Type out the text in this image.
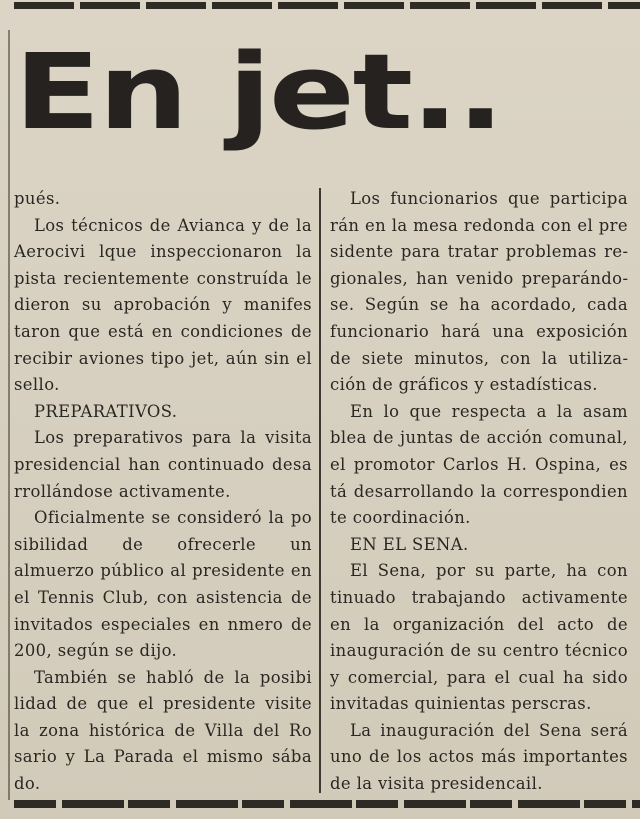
En jet..

pués.

Los técnicos de Avianca y de la Aerocivi lque inspeccionaron la pista recientemente construída le dieron su aprobación y manifes taron que está en condiciones de recibir aviones tipo jet, aún sin el sello.

PREPARATIVOS.

Los preparativos para la visita presidencial han continuado desa rrollándose activamente.

Oficialmente se consideró la po sibilidad de ofrecerle un almuerzo público al presidente en el Tennis Club, con asistencia de invitados especiales en nmero de 200, según se dijo.

También se habló de la posibi lidad de que el presidente visite la zona histórica de Villa del Ro sario y La Parada el mismo sába do.

Los funcionarios que participa rán en la mesa redonda con el pre sidente para tratar problemas regionales, han venido preparándose. Según se ha acordado, cada funcionario hará una exposición de siete minutos, con la utilización de gráficos y estadísticas.

En lo que respecta a la asam blea de juntas de acción comunal, el promotor Carlos H. Ospina, es tá desarrollando la correspondien te coordinación.

EN EL SENA.

El Sena, por su parte, ha con tinuado trabajando activamente en la organización del acto de inauguración de su centro técnico y comercial, para el cual ha sido invitadas quinientas perscras.

La inauguración del Sena será uno de los actos más importantes de la visita presidencail.
